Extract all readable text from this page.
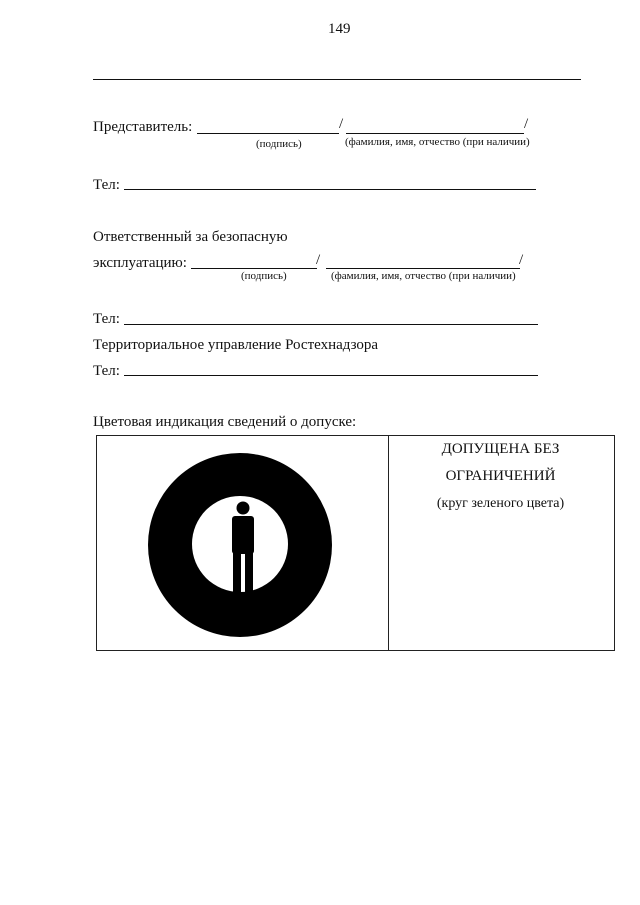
149
Представитель:	/	/
(подпись)	(фамилия, имя, отчество (при наличии)
Тел:
Ответственный за безопасную
эксплуатацию:	/	/
(подпись)	(фамилия, имя, отчество (при наличии)
Тел:
Территориальное управление Ростехнадзора
Тел:
Цветовая индикация сведений о допуске:
ДОПУЩЕНА БЕЗ
ОГРАНИЧЕНИЙ
(круг зеленого цвета)
